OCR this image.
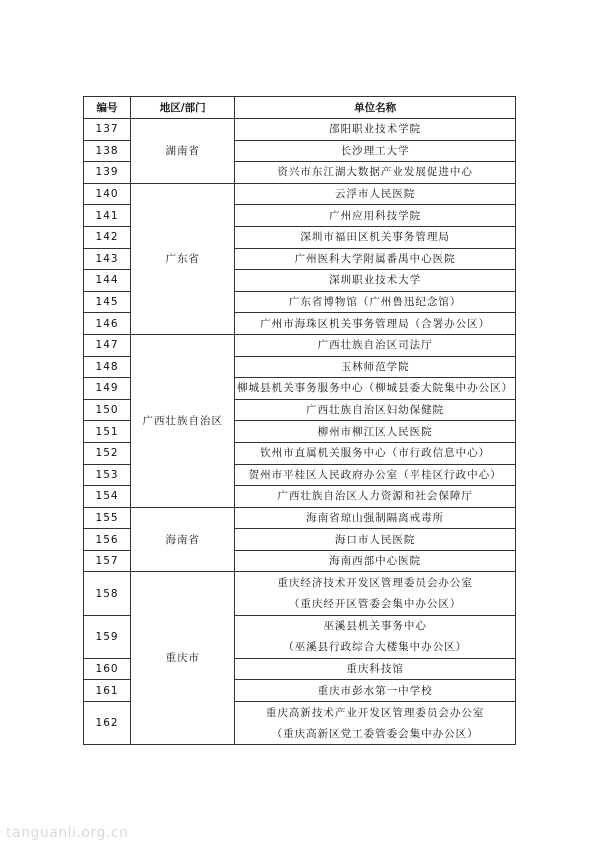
编号	地区/部门	单位名称
137	湖南省	邵阳职业技术学院
138		长沙理工大学
139		资兴市东江湖大数据产业发展促进中心
140	广东省	云浮市人民医院
141		广州应用科技学院
142		深圳市福田区机关事务管理局
143		广州医科大学附属番禺中心医院
144		深圳职业技术大学
145		广东省博物馆（广州鲁迅纪念馆）
146		广州市海珠区机关事务管理局（合署办公区）
147	广西壮族自治区	广西壮族自治区司法厅
148		玉林师范学院
149		柳城县机关事务服务中心（柳城县委大院集中办公区）
150		广西壮族自治区妇幼保健院
151		柳州市柳江区人民医院
152		钦州市直属机关服务中心（市行政信息中心）
153		贺州市平桂区人民政府办公室（平桂区行政中心）
154		广西壮族自治区人力资源和社会保障厅
155	海南省	海南省琼山强制隔离戒毒所
156		海口市人民医院
157		海南西部中心医院
158	重庆市	重庆经济技术开发区管理委员会办公室
		（重庆经开区管委会集中办公区）
159		巫溪县机关事务中心
		（巫溪县行政综合大楼集中办公区）
160		重庆科技馆
161		重庆市彭水第一中学校
162		重庆高新技术产业开发区管理委员会办公室
		（重庆高新区党工委管委会集中办公区）
tanguanli.org.cn
